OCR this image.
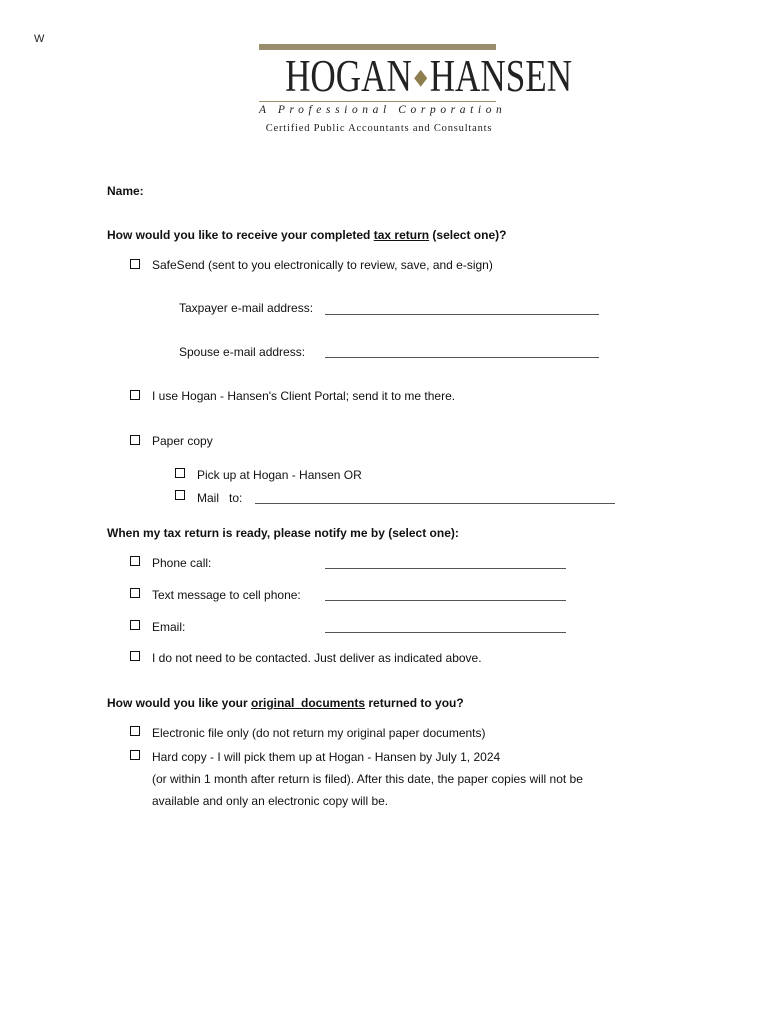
W
HOGAN ◆HANSEN
A Professional Corporation
Certified Public Accountants and Consultants
Name:
How would you like to receive your completed tax return (select one)?
SafeSend (sent to you electronically to review, save, and e-sign)
Taxpayer e-mail address:
Spouse e-mail address:
I use Hogan - Hansen's Client Portal; send it to me there.
Paper copy
Pick up at Hogan - Hansen OR
Mail   to:
When my tax return is ready, please notify me by (select one):
Phone call:
Text message to cell phone:
Email:
I do not need to be contacted. Just deliver as indicated above.
How would you like your original  documents returned to you?
Electronic file only (do not return my original paper documents)
Hard copy - I will pick them up at Hogan - Hansen by July 1, 2024
(or within 1 month after return is filed). After this date, the paper copies will not be
available and only an electronic copy will be.
